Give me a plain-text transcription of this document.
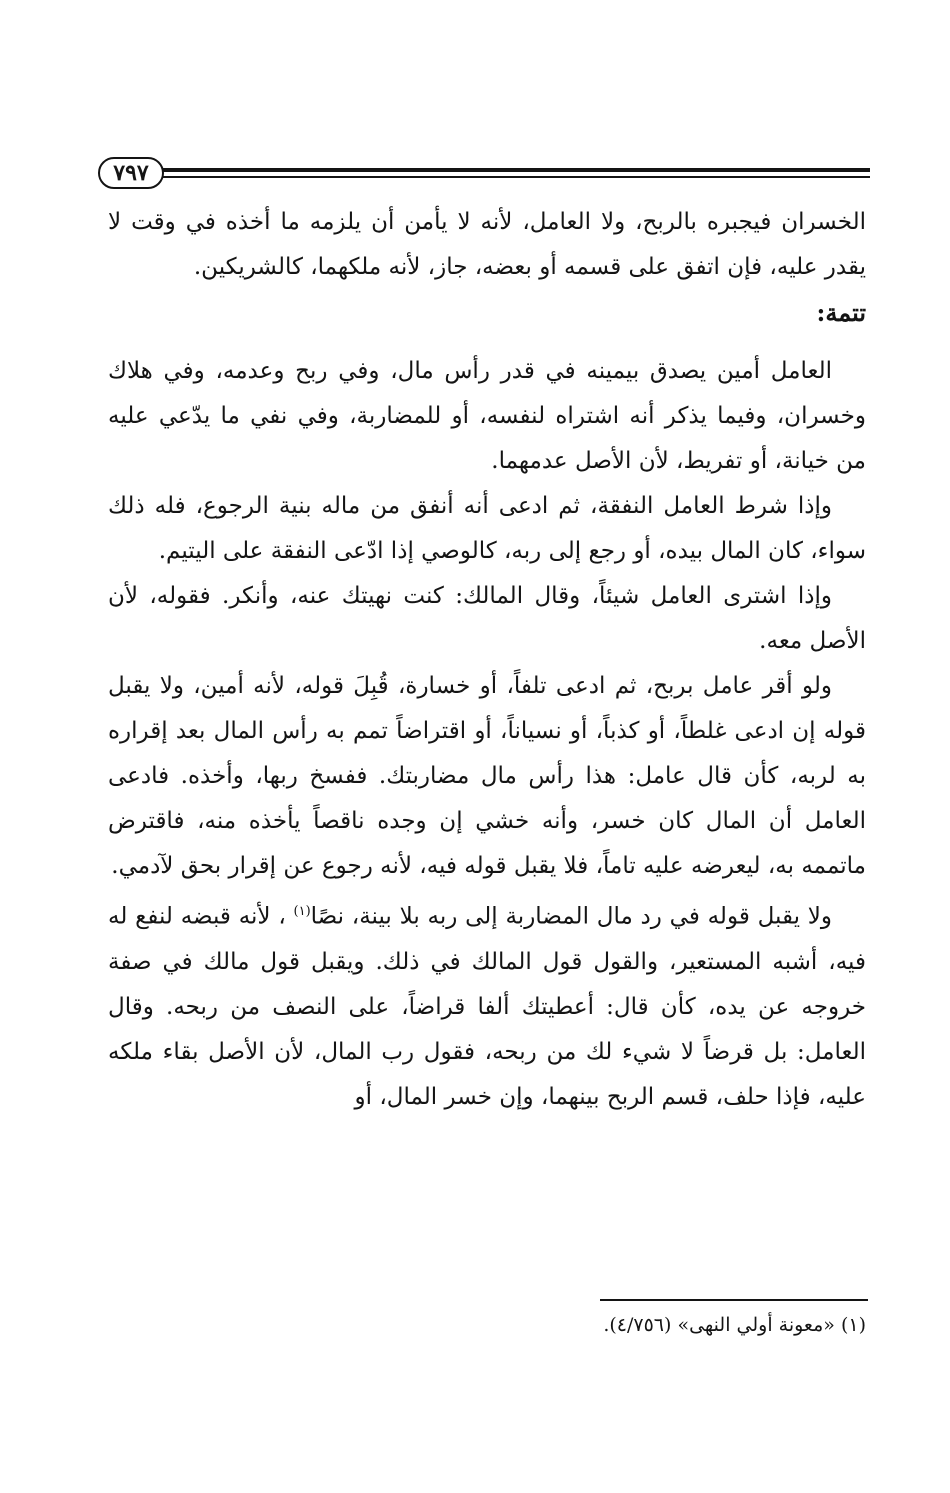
٧٩٧

الخسران فيجبره بالربح، ولا العامل، لأنه لا يأمن أن يلزمه ما أخذه في وقت لا يقدر عليه، فإن اتفق على قسمه أو بعضه، جاز، لأنه ملكهما، كالشريكين.

تتمة:

العامل أمين يصدق بيمينه في قدر رأس مال، وفي ربح وعدمه، وفي هلاك وخسران، وفيما يذكر أنه اشتراه لنفسه، أو للمضاربة، وفي نفي ما يدّعي عليه من خيانة، أو تفريط، لأن الأصل عدمهما.

وإذا شرط العامل النفقة، ثم ادعى أنه أنفق من ماله بنية الرجوع، فله ذلك سواء، كان المال بيده، أو رجع إلى ربه، كالوصي إذا ادّعى النفقة على اليتيم.

وإذا اشترى العامل شيئاً، وقال المالك: كنت نهيتك عنه، وأنكر. فقوله، لأن الأصل معه.

ولو أقر عامل بربح، ثم ادعى تلفاً، أو خسارة، قُبِلَ قوله، لأنه أمين، ولا يقبل قوله إن ادعى غلطاً، أو كذباً، أو نسياناً، أو اقتراضاً تمم به رأس المال بعد إقراره به لربه، كأن قال عامل: هذا رأس مال مضاربتك. ففسخ ربها، وأخذه. فادعى العامل أن المال كان خسر، وأنه خشي إن وجده ناقصاً يأخذه منه، فاقترض ماتممه به، ليعرضه عليه تاماً، فلا يقبل قوله فيه، لأنه رجوع عن إقرار بحق لآدمي.

ولا يقبل قوله في رد مال المضاربة إلى ربه بلا بينة، نصًا$^{(١)}$ ، لأنه قبضه لنفع له فيه، أشبه المستعير، والقول قول المالك في ذلك. ويقبل قول مالك في صفة خروجه عن يده، كأن قال: أعطيتك ألفا قراضاً، على النصف من ربحه. وقال العامل: بل قرضاً لا شيء لك من ربحه، فقول رب المال، لأن الأصل بقاء ملكه عليه، فإذا حلف، قسم الربح بينهما، وإن خسر المال، أو

(١) «معونة أولي النهى» (٤/٧٥٦).
